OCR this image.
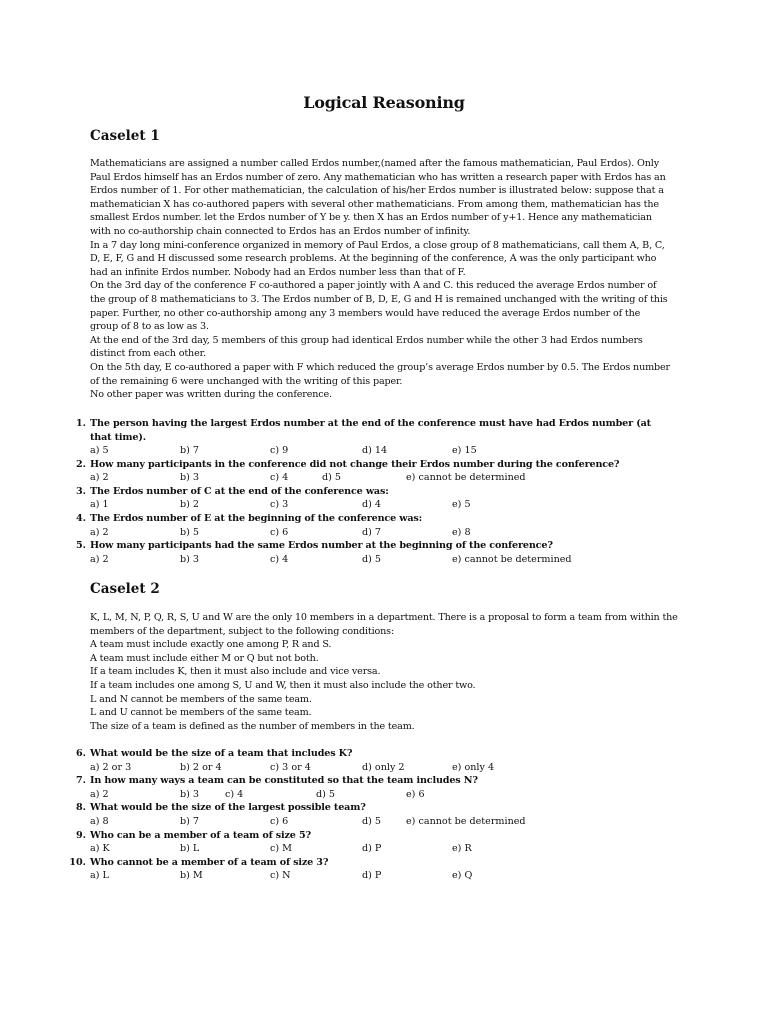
Logical Reasoning
Caselet 1

Mathematicians are assigned a number called Erdos number,(named after the famous mathematician, Paul Erdos). Only

Paul Erdos himself has an Erdos number of zero. Any mathematician who has written a research paper with Erdos has an

Erdos number of 1. For other mathematician, the calculation of his/her Erdos number is illustrated below: suppose that a

mathematician X has co-authored papers with several other mathematicians. From among them, mathematician has the

smallest Erdos number. let the Erdos number of Y be y. then X has an Erdos number of y+1. Hence any mathematician

with no co-authorship chain connected to Erdos has an Erdos number of infinity.

In a 7 day long mini-conference organized in memory of Paul Erdos, a close group of 8 mathematicians, call them A, B, C,

D, E, F, G and H discussed some research problems. At the beginning of the conference, A was the only participant who

had an infinite Erdos number. Nobody had an Erdos number less than that of F.

On the 3rd day of the conference F co-authored a paper jointly with A and C. this reduced the average Erdos number of

the group of 8 mathematicians to 3. The Erdos number of B, D, E, G and H is remained unchanged with the writing of this

paper. Further, no other co-authorship among any 3 members would have reduced the average Erdos number of the

group of 8 to as low as 3.

At the end of the 3rd day, 5 members of this group had identical Erdos number while the other 3 had Erdos numbers

distinct from each other.

On the 5th day, E co-authored a paper with F which reduced the group’s average Erdos number by 0.5. The Erdos number

of the remaining 6 were unchanged with the writing of this paper.

No other paper was written during the conference.

1. The person having the largest Erdos number at the end of the conference must have had Erdos number (at that time).
a) 5	b) 7	c) 9	d) 14	e) 15
2. How many participants in the conference did not change their Erdos number during the conference?
a) 2	b) 3	c) 4	d) 5	e) cannot be determined
3. The Erdos number of C at the end of the conference was:
a) 1	b) 2	c) 3	d) 4	e) 5
4. The Erdos number of E at the beginning of the conference was:
a) 2	b) 5	c) 6	d) 7	e) 8
5. How many participants had the same Erdos number at the beginning of the conference?
a) 2	b) 3	c) 4	d) 5	e) cannot be determined
Caselet 2

K, L, M, N, P, Q, R, S, U and W are the only 10 members in a department. There is a proposal to form a team from within the

members of the department, subject to the following conditions:

A team must include exactly one among P, R and S.

A team must include either M or Q but not both.

If a team includes K, then it must also include and vice versa.

If a team includes one among S, U and W, then it must also include the other two.

L and N cannot be members of the same team.

L and U cannot be members of the same team.

The size of a team is defined as the number of members in the team.

6. What would be the size of a team that includes K?
a) 2 or 3	b) 2 or 4	c) 3 or 4	d) only 2	e) only 4
7. In how many ways a team can be constituted so that the team includes N?
a) 2	b) 3	c) 4	d) 5	e) 6
8. What would be the size of the largest possible team?
a) 8	b) 7	c) 6	d) 5	e) cannot be determined
9. Who can be a member of a team of size 5?
a) K	b) L	c) M	d) P	e) R
10. Who cannot be a member of a team of size 3?
a) L	b) M	c) N	d) P	e) Q
